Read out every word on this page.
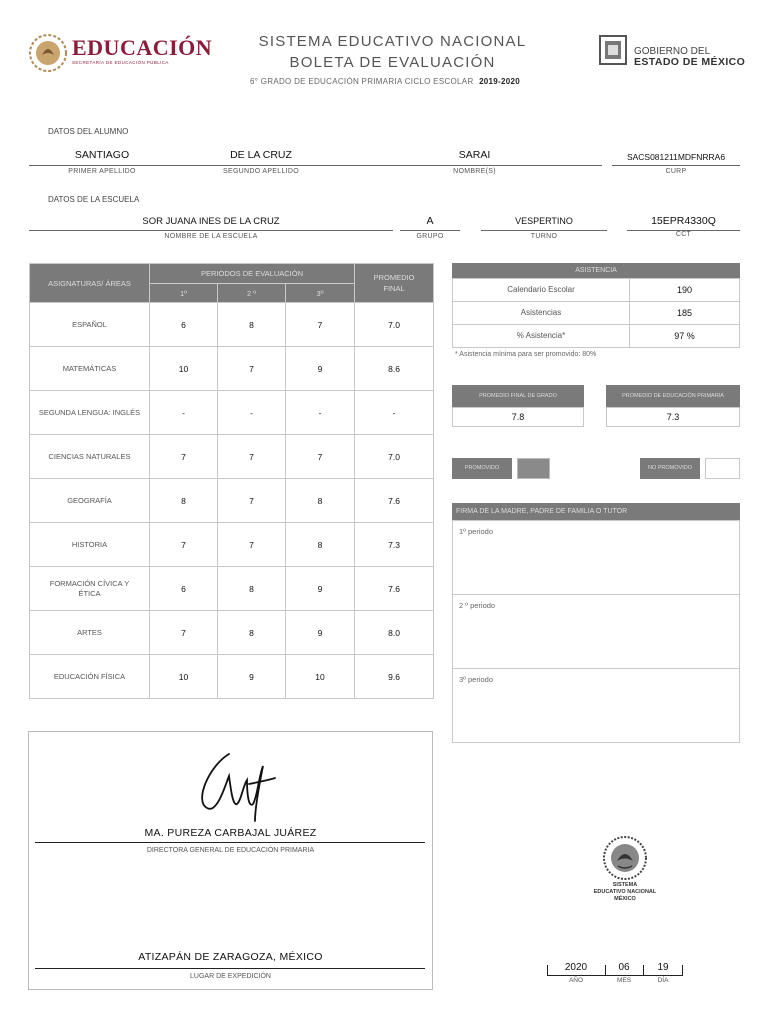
EDUCACIÓN
SECRETARÍA DE EDUCACIÓN PÚBLICA
SISTEMA EDUCATIVO NACIONAL
BOLETA DE EVALUACIÓN
6° GRADO DE EDUCACIÓN PRIMARIA CICLO ESCOLAR 2019-2020
GOBIERNO DEL
ESTADO DE MÉXICO
DATOS DEL ALUMNO
SANTIAGO
PRIMER APELLIDO
DE LA CRUZ
SEGUNDO APELLIDO
SARAI
NOMBRE(S)
SACS081211MDFNRRA6
CURP
DATOS DE LA ESCUELA
SOR JUANA INES DE LA CRUZ
NOMBRE DE LA ESCUELA
A
GRUPO
VESPERTINO
TURNO
15EPR4330Q
CCT
ASIGNATURAS/ ÁREAS	PERIODOS DE EVALUACIÓN			PROMEDIO FINAL
	1º	2 º	3º	
ESPAÑOL	6	8	7	7.0
MATEMÁTICAS	10	7	9	8.6
SEGUNDA LENGUA: INGLÉS	-	-	-	-
CIENCIAS NATURALES	7	7	7	7.0
GEOGRAFÍA	8	7	8	7.6
HISTORIA	7	7	8	7.3
FORMACIÓN CÍVICA Y ÉTICA	6	8	9	7.6
ARTES	7	8	9	8.0
EDUCACIÓN FÍSICA	10	9	10	9.6
ASISTENCIA
Calendario Escolar	190
Asistencias	185
% Asistencia*	97 %
* Asistencia mínima para ser promovido: 80%
PROMEDIO FINAL DE GRADO
7.8
PROMEDIO DE EDUCACIÓN PRIMARIA
7.3
PROMOVIDO	NO PROMOVIDO
FIRMA DE LA MADRE, PADRE DE FAMILIA O TUTOR
1º periodo
2 º periodo
3º periodo
MA. PUREZA CARBAJAL JUÁREZ
DIRECTORA GENERAL DE EDUCACIÓN PRIMARIA
ATIZAPÁN DE ZARAGOZA, MÉXICO
LUGAR DE EXPEDICIÓN
SISTEMA
EDUCATIVO NACIONAL
MÉXICO
2020	06	19
AÑO	MES	DÍA
